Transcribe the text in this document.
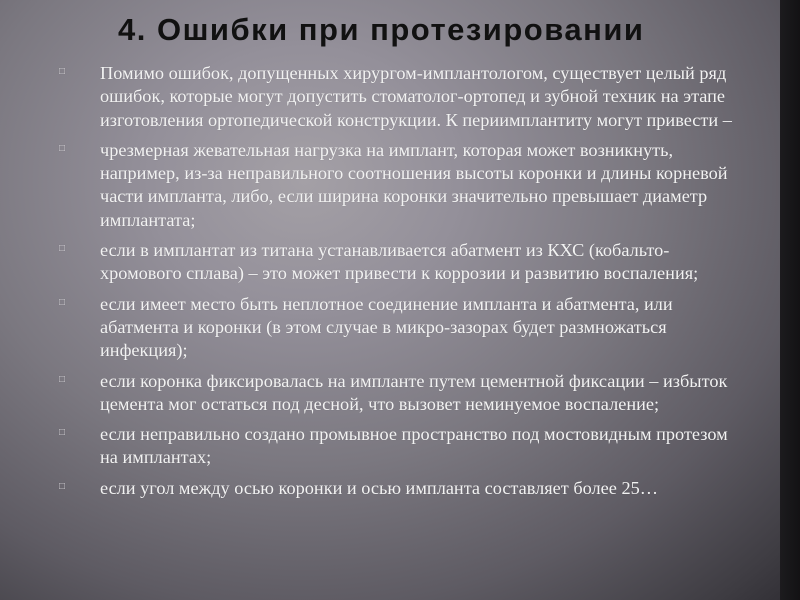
4. Ошибки при протезировании

□ Помимо ошибок, допущенных хирургом-имплантологом, существует целый ряд ошибок, которые могут допустить стоматолог-ортопед и зубной техник на этапе изготовления ортопедической конструкции. К периимплантиту могут привести –

□ чрезмерная жевательная нагрузка на имплант, которая может возникнуть, например, из-за неправильного соотношения высоты коронки и длины корневой части импланта, либо, если ширина коронки значительно превышает диаметр имплантата;

□ если в имплантат из титана устанавливается абатмент из КХС (кобальто-хромового сплава) – это может привести к коррозии и развитию воспаления;

□ если имеет место быть неплотное соединение импланта и абатмента, или абатмента и коронки (в этом случае в микро-зазорах будет размножаться инфекция);

□ если коронка фиксировалась на импланте путем цементной фиксации – избыток цемента мог остаться под десной, что вызовет неминуемое воспаление;

□ если неправильно создано промывное пространство под мостовидным протезом на имплантах;

□ если угол между осью коронки и осью импланта составляет более 25…
